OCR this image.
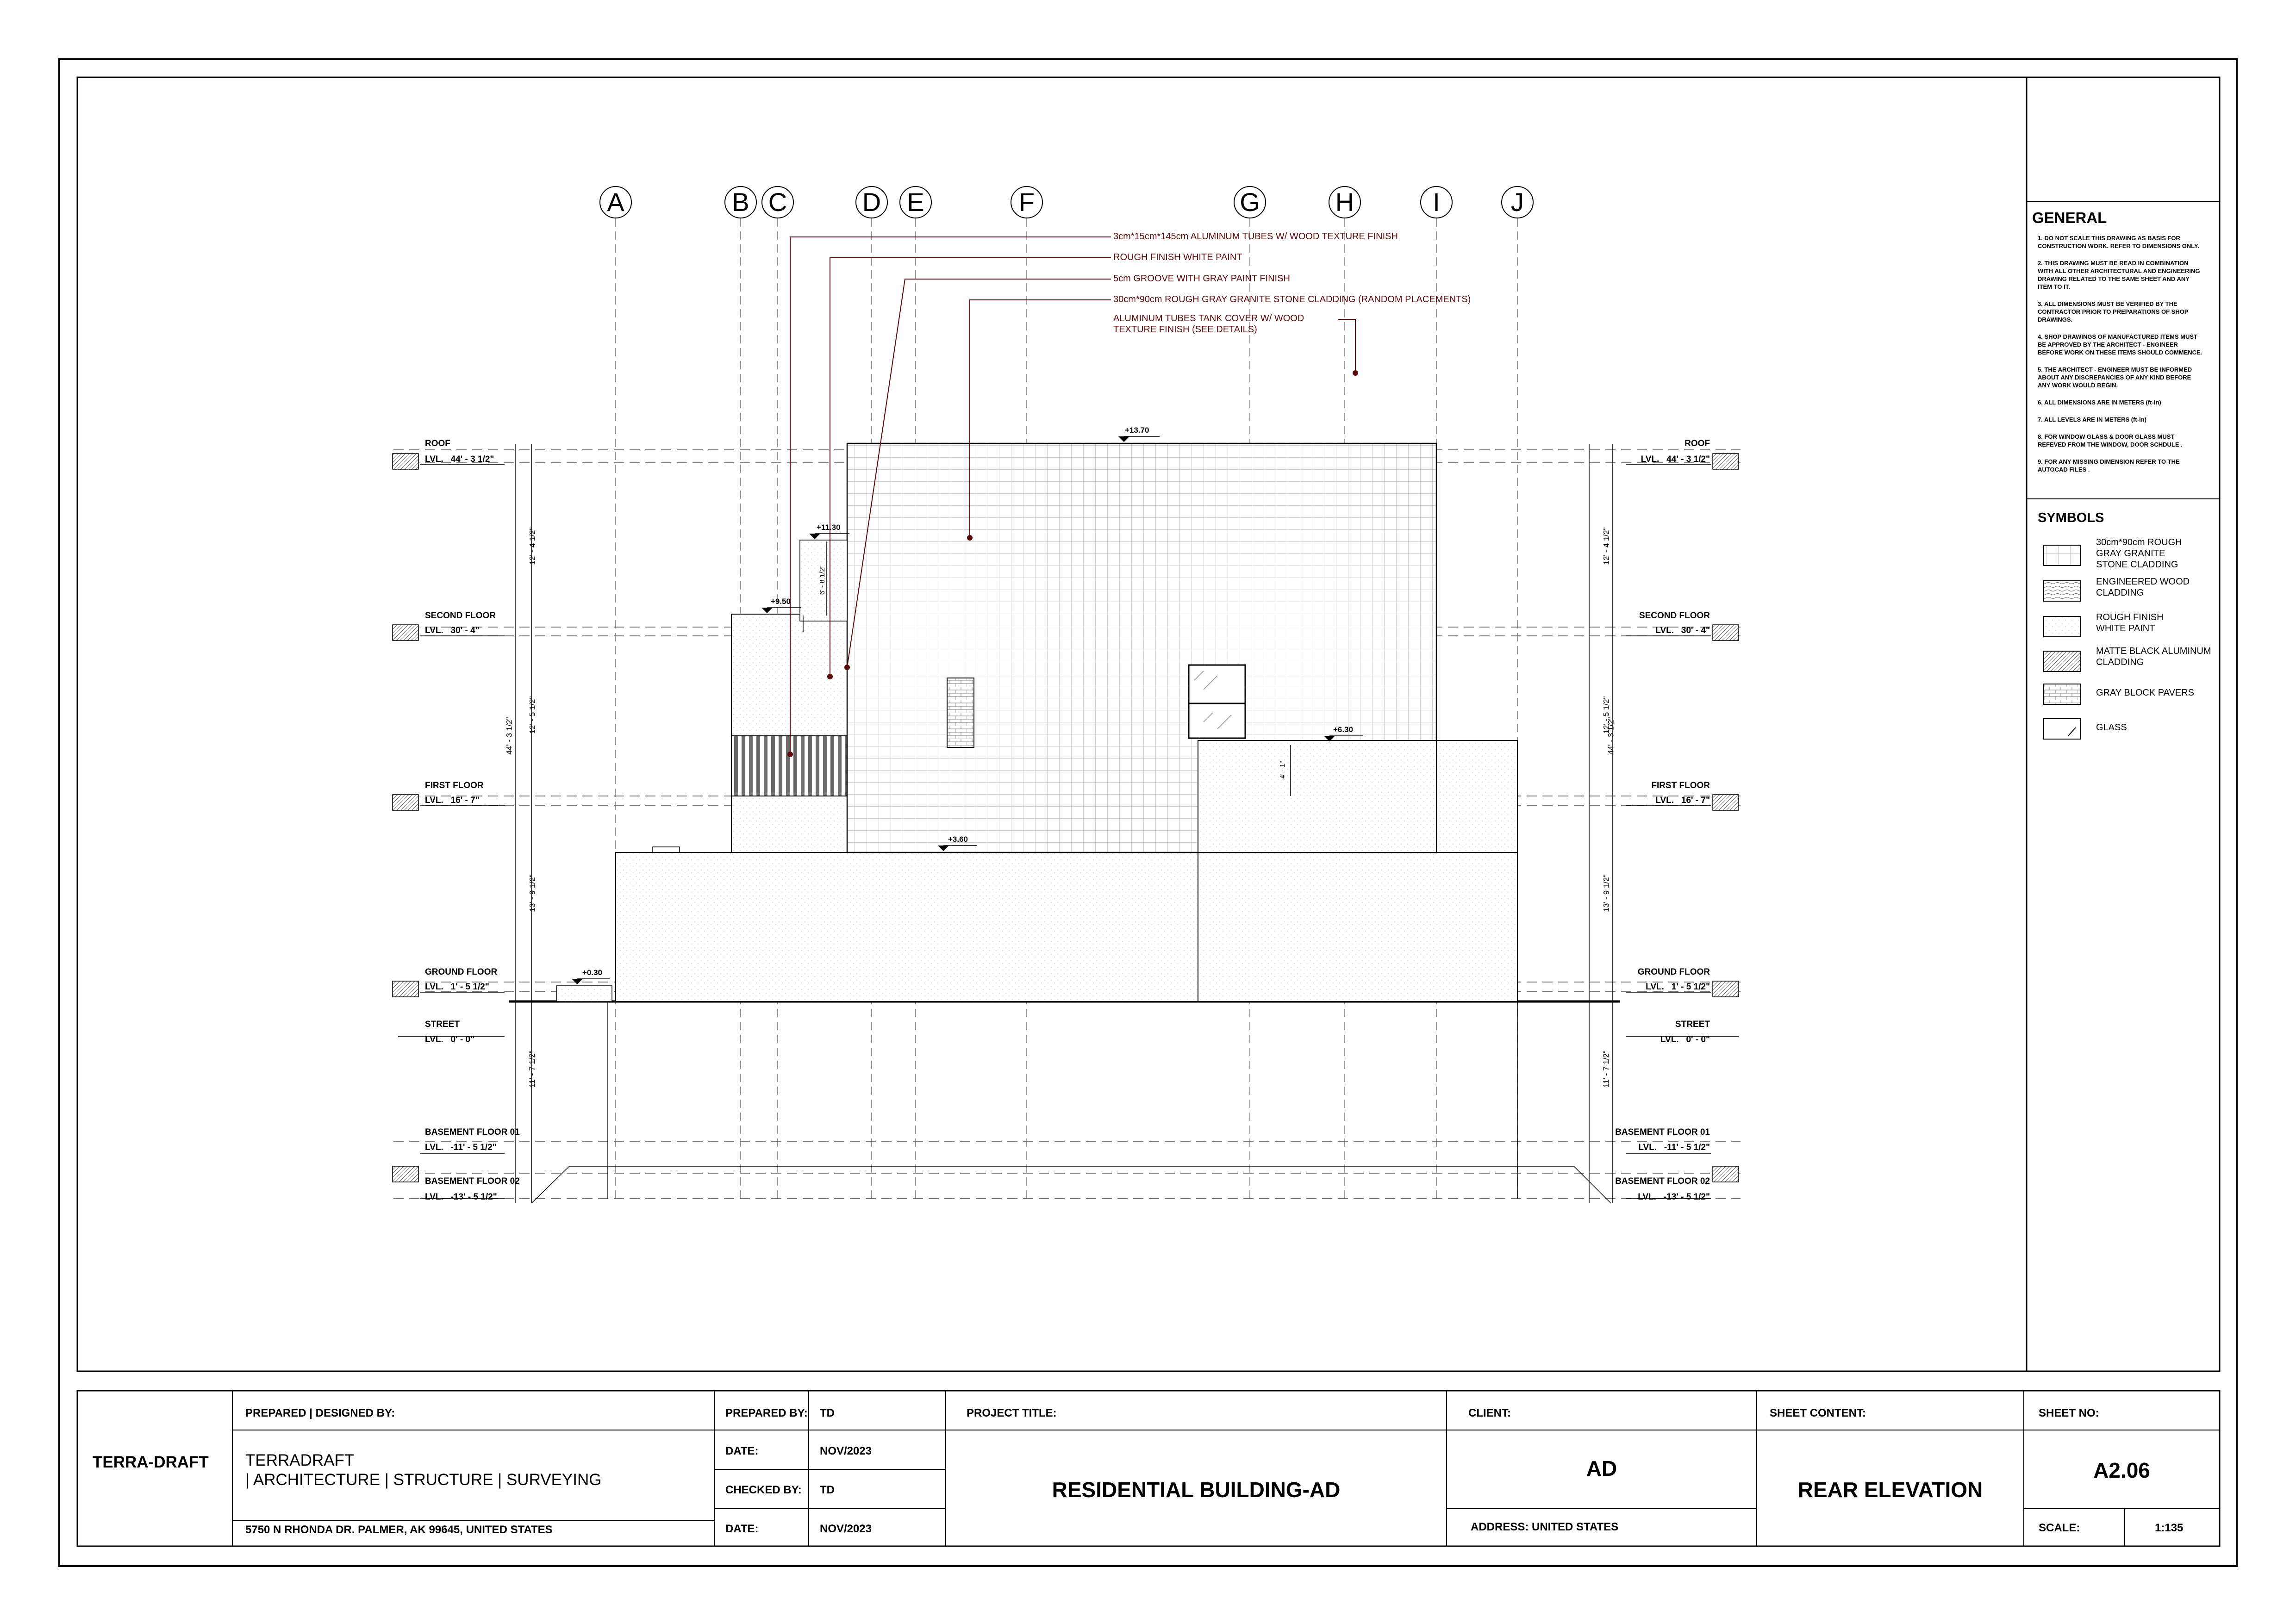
A	B C	D	E	F	G	H	I	J
3cm*15cm*145cm ALUMINUM TUBES W/ WOOD TEXTURE FINISH
ROUGH FINISH WHITE PAINT
5cm GROOVE WITH GRAY PAINT FINISH
30cm*90cm ROUGH GRAY GRANITE STONE CLADDING (RANDOM PLACEMENTS)
ALUMINUM TUBES TANK COVER W/ WOOD
TEXTURE FINISH (SEE DETAILS)
ROOF
LVL.   44' - 3 1/2"
SECOND FLOOR
LVL.   30' - 4"
FIRST FLOOR
LVL.   16' - 7"
GROUND FLOOR
LVL.   1' - 5 1/2"
STREET
LVL.   0' - 0"
BASEMENT FLOOR 01
LVL.   -11' - 5 1/2"
BASEMENT FLOOR 02
LVL.   -13' - 5 1/2"
ROOF
LVL.   44' - 3 1/2"
SECOND FLOOR
LVL.   30' - 4"
FIRST FLOOR
LVL.   16' - 7"
GROUND FLOOR
LVL.   1' - 5 1/2"
STREET
LVL.   0' - 0"
BASEMENT FLOOR 01
LVL.   -11' - 5 1/2"
BASEMENT FLOOR 02
LVL.   -13' - 5 1/2"
+13.70
+11.30
+9.50
+6.30
+3.60
+0.30
44' - 3 1/2"
12' - 4 1/2"
12' - 5 1/2"
13' - 9 1/2"
11' - 7 1/2"
12' - 4 1/2"
12' - 5 1/2"
13' - 9 1/2"
11' - 7 1/2"
44' - 3 1/2"
4' - 1"
6' - 8 1/2"
GENERAL
1. DO NOT SCALE THIS DRAWING AS BASIS FOR CONSTRUCTION WORK. REFER TO DIMENSIONS ONLY.
2. THIS DRAWING MUST BE READ IN COMBINATION WITH ALL OTHER ARCHITECTURAL AND ENGINEERING DRAWING RELATED TO THE SAME SHEET AND ANY ITEM TO IT.
3. ALL DIMENSIONS MUST BE VERIFIED BY THE CONTRACTOR PRIOR TO PREPARATIONS OF SHOP DRAWINGS.
4. SHOP DRAWINGS OF MANUFACTURED ITEMS MUST BE APPROVED BY THE ARCHITECT - ENGINEER BEFORE WORK ON THESE ITEMS SHOULD COMMENCE.
5. THE ARCHITECT - ENGINEER MUST BE INFORMED ABOUT ANY DISCREPANCIES OF ANY KIND BEFORE ANY WORK WOULD BEGIN.
6. ALL DIMENSIONS ARE IN METERS (ft-in)
7. ALL LEVELS ARE IN METERS (ft-in)
8. FOR WINDOW GLASS & DOOR GLASS MUST REFEVED FROM THE WINDOW, DOOR SCHDULE .
9. FOR ANY MISSING DIMENSION REFER TO THE AUTOCAD FILES .
SYMBOLS
30cm*90cm ROUGH
GRAY GRANITE
STONE CLADDING
ENGINEERED WOOD
CLADDING
ROUGH FINISH
WHITE PAINT
MATTE BLACK ALUMINUM
CLADDING
GRAY BLOCK PAVERS
GLASS
TERRA-DRAFT
PREPARED | DESIGNED BY:
TERRADRAFT
| ARCHITECTURE | STRUCTURE | SURVEYING
5750 N RHONDA DR. PALMER, AK 99645, UNITED STATES
PREPARED BY: TD
DATE:	NOV/2023
CHECKED BY: TD
DATE:	NOV/2023
PROJECT TITLE:
RESIDENTIAL BUILDING-AD
CLIENT:
AD
ADDRESS: UNITED STATES
SHEET CONTENT:
REAR ELEVATION
SHEET NO:
A2.06
SCALE:	1:135
